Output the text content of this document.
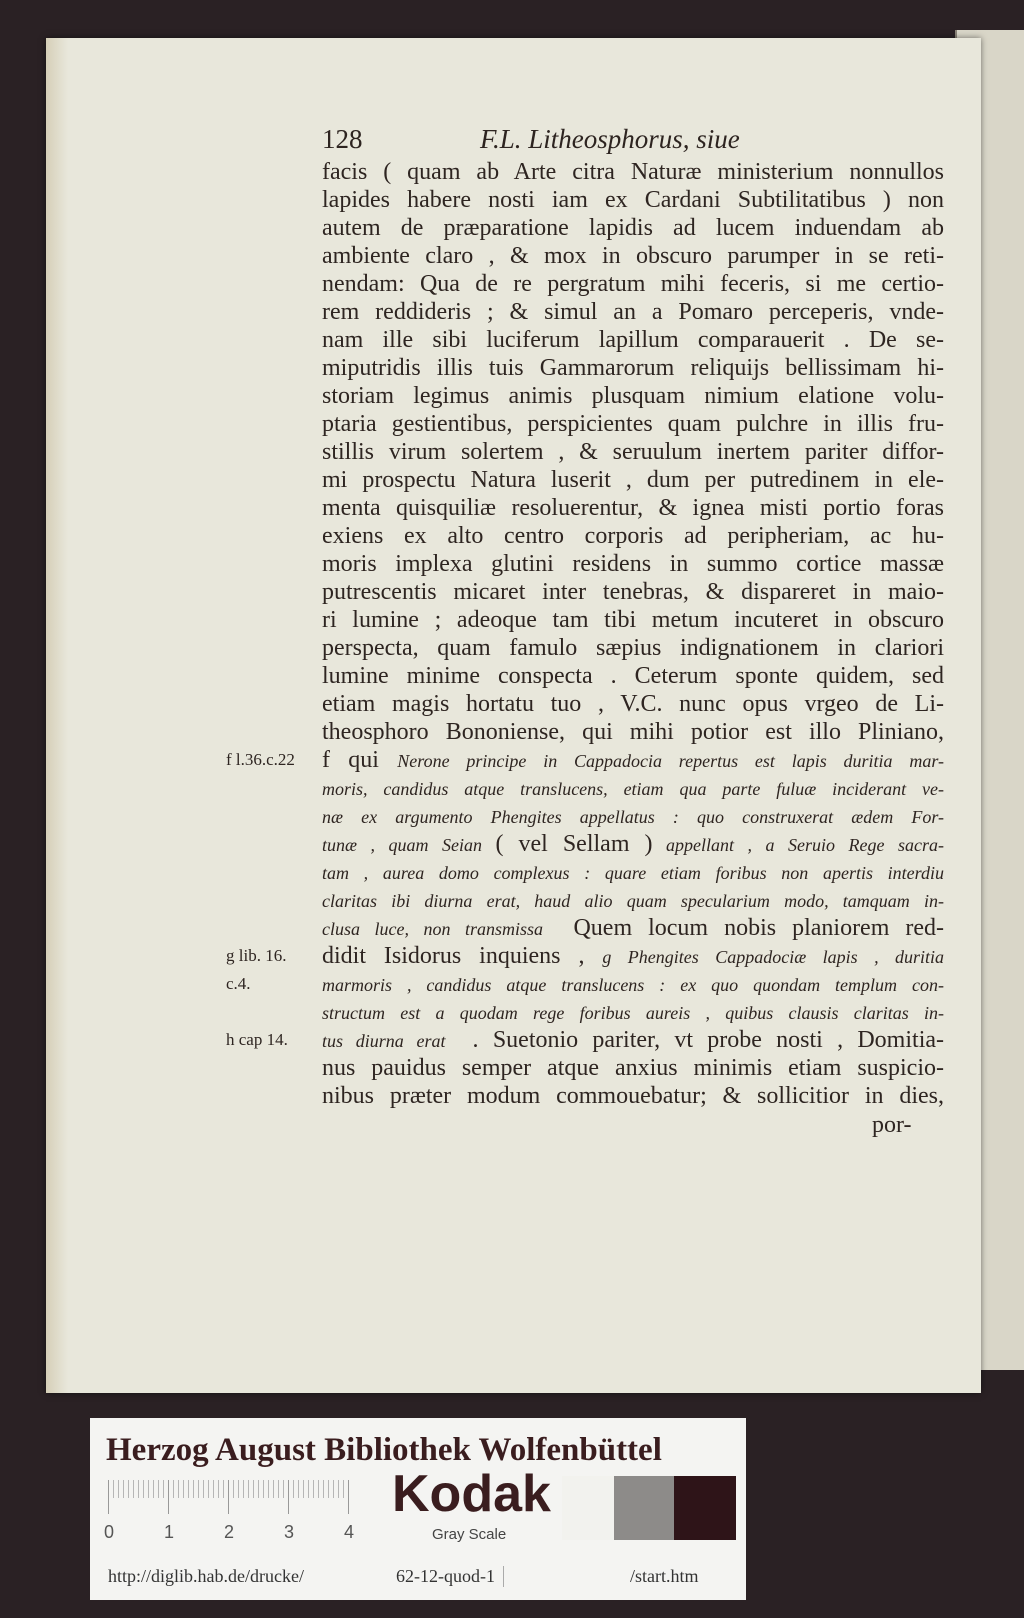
128	F.L. Litheosphorus, siue
facis ( quam ab Arte citra Naturæ ministerium nonnullos
lapides habere nosti iam ex Cardani Subtilitatibus ) non
autem de præparatione lapidis ad lucem induendam ab
ambiente claro , & mox in obscuro parumper in se reti-
nendam: Qua de re pergratum mihi feceris, si me certio-
rem reddideris ; & simul an a Pomaro perceperis, vnde-
nam ille sibi luciferum lapillum comparauerit . De se-
miputridis illis tuis Gammarorum reliquijs bellissimam hi-
storiam legimus animis plusquam nimium elatione volu-
ptaria gestientibus, perspicientes quam pulchre in illis fru-
stillis virum solertem , & seruulum inertem pariter diffor-
mi prospectu Natura luserit , dum per putredinem in ele-
menta quisquiliæ resoluerentur, & ignea misti portio foras
exiens ex alto centro corporis ad peripheriam, ac hu-
moris implexa glutini residens in summo cortice massæ
putrescentis micaret inter tenebras, & dispareret in maio-
ri lumine ; adeoque tam tibi metum incuteret in obscuro
perspecta, quam famulo sæpius indignationem in clariori
lumine minime conspecta . Ceterum sponte quidem, sed
etiam magis hortatu tuo , V.C. nunc opus vrgeo de Li-
theosphoro Bononiense, qui mihi potior est illo Pliniano,
f qui Nerone principe in Cappadocia repertus est lapis duritia mar-
moris, candidus atque translucens, etiam qua parte fuluæ inciderant ve-
næ ex argumento Phengites appellatus : quo construxerat ædem For-
tunæ , quam Seian ( vel Sellam ) appellant , a Seruio Rege sacra-
tam , aurea domo complexus : quare etiam foribus non apertis interdiu
claritas ibi diurna erat, haud alio quam specularium modo, tamquam in-
clusa luce, non transmissa  Quem locum nobis planiorem red-
didit Isidorus inquiens , g Phengites Cappadociæ lapis , duritia
marmoris , candidus atque translucens : ex quo quondam templum con-
structum est a quodam rege foribus aureis , quibus clausis claritas in-
tus diurna erat  . Suetonio pariter, vt probe nosti , Domitia-
nus pauidus semper atque anxius minimis etiam suspicio-
nibus præter modum commouebatur; & sollicitior in dies,
f l.36.c.22
g lib. 16.
c.4.
h cap 14.
por-
Herzog August Bibliothek Wolfenbüttel
0	1	2	3	4
Kodak
Gray Scale
http://diglib.hab.de/drucke/	62-12-quod-1	/start.htm
